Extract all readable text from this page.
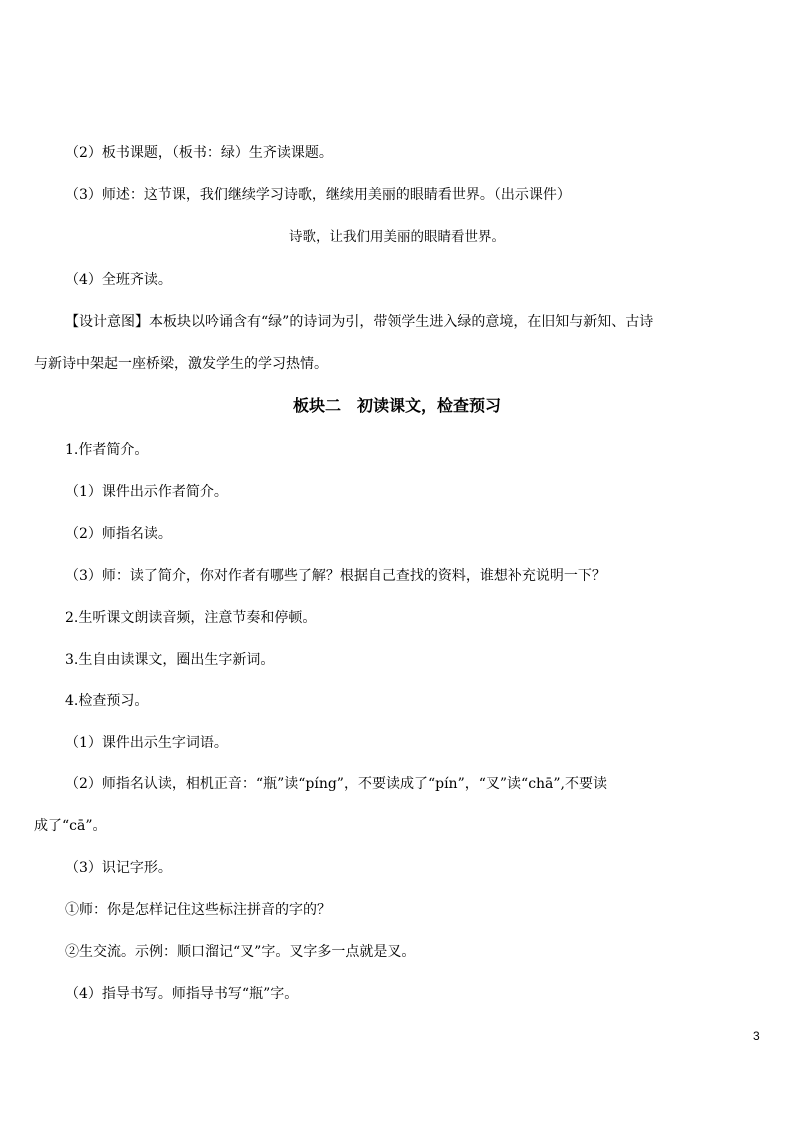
（2）板书课题，（板书：绿）生齐读课题。
（3）师述：这节课，我们继续学习诗歌，继续用美丽的眼睛看世界。（出示课件）
诗歌，让我们用美丽的眼睛看世界。
（4）全班齐读。
【设计意图】本板块以吟诵含有“绿”的诗词为引，带领学生进入绿的意境，在旧知与新知、古诗
与新诗中架起一座桥梁，激发学生的学习热情。
板块二　初读课文，检查预习
1.作者简介。
（1）课件出示作者简介。
（2）师指名读。
（3）师：读了简介，你对作者有哪些了解？根据自己查找的资料，谁想补充说明一下？
2.生听课文朗读音频，注意节奏和停顿。
3.生自由读课文，圈出生字新词。
4.检查预习。
（1）课件出示生字词语。
（2）师指名认读，相机正音：“瓶”读“píng”，不要读成了“pín”，“叉”读“chā”,不要读
成了“cā”。
（3）识记字形。
①师：你是怎样记住这些标注拼音的字的？
②生交流。示例：顺口溜记“叉”字。叉字多一点就是叉。
（4）指导书写。师指导书写“瓶”字。
3
